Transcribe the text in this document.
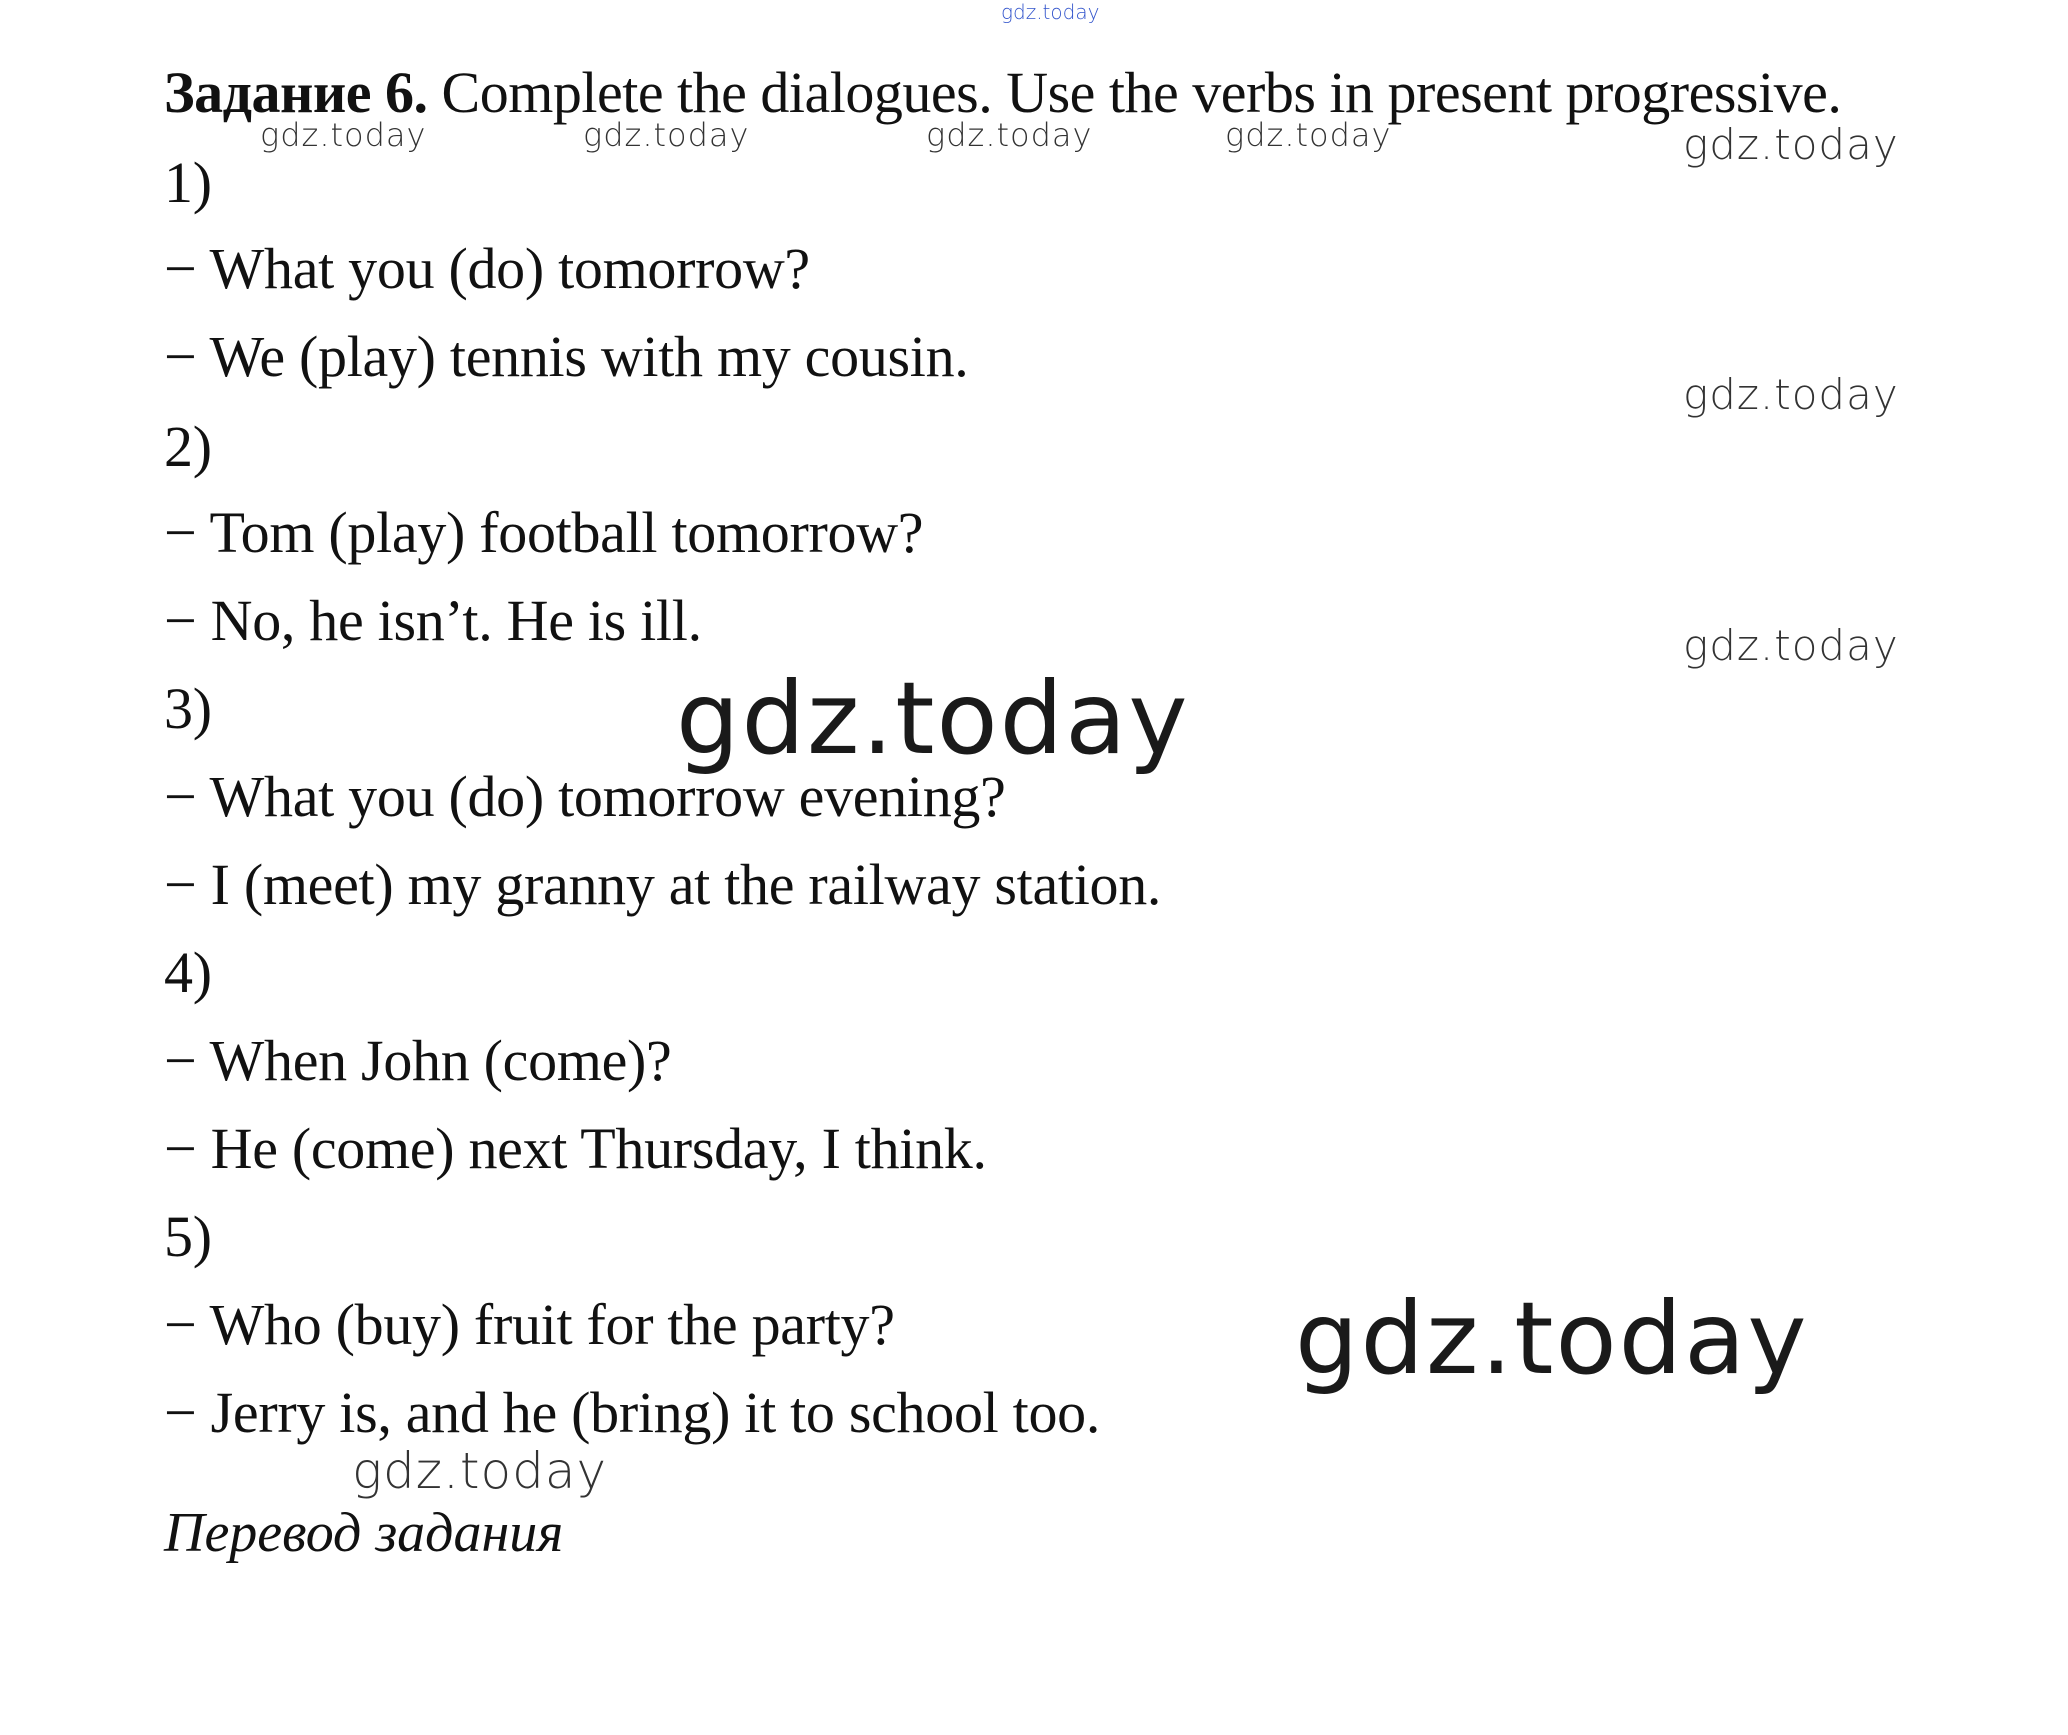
gdz.today
Задание 6. Complete the dialogues. Use the verbs in present progressive.
gdz.today	gdz.today	gdz.today	gdz.today	gdz.today
gdz.today
gdz.today
gdz.today
gdz.today
gdz.today
1)
− What you (do) tomorrow?
− We (play) tennis with my cousin.
2)
− Tom (play) football tomorrow?
− No, he isn’t. He is ill.
3)
− What you (do) tomorrow evening?
− I (meet) my granny at the railway station.
4)
− When John (come)?
− He (come) next Thursday, I think.
5)
− Who (buy) fruit for the party?
− Jerry is, and he (bring) it to school too.
Перевод задания
